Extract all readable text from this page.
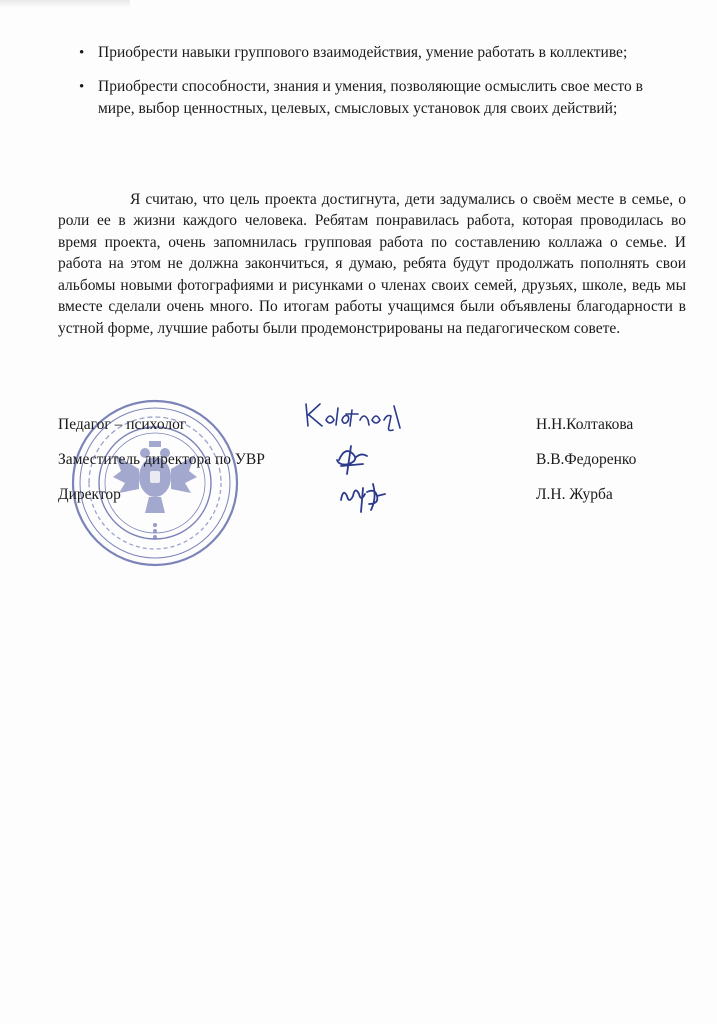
• Приобрести навыки группового взаимодействия, умение работать в коллективе;
• Приобрести способности, знания и умения, позволяющие осмыслить свое место в мире, выбор ценностных, целевых, смысловых установок для своих действий;

Я считаю, что цель проекта достигнута, дети задумались о своём месте в семье, о роли ее в жизни каждого человека. Ребятам понравилась работа, которая проводилась во время проекта, очень запомнилась групповая работа по составлению коллажа о семье. И работа на этом не должна закончиться, я думаю, ребята будут продолжать пополнять свои альбомы новыми фотографиями и рисунками о членах своих семей, друзьях, школе, ведь мы вместе сделали очень много. По итогам работы учащимся были объявлены благодарности в устной форме, лучшие работы были продемонстрированы на педагогическом совете.

Педагог – психолог	Н.Н.Колтакова
Заместитель директора по УВР	В.В.Федоренко
Директор	Л.Н. Журба
